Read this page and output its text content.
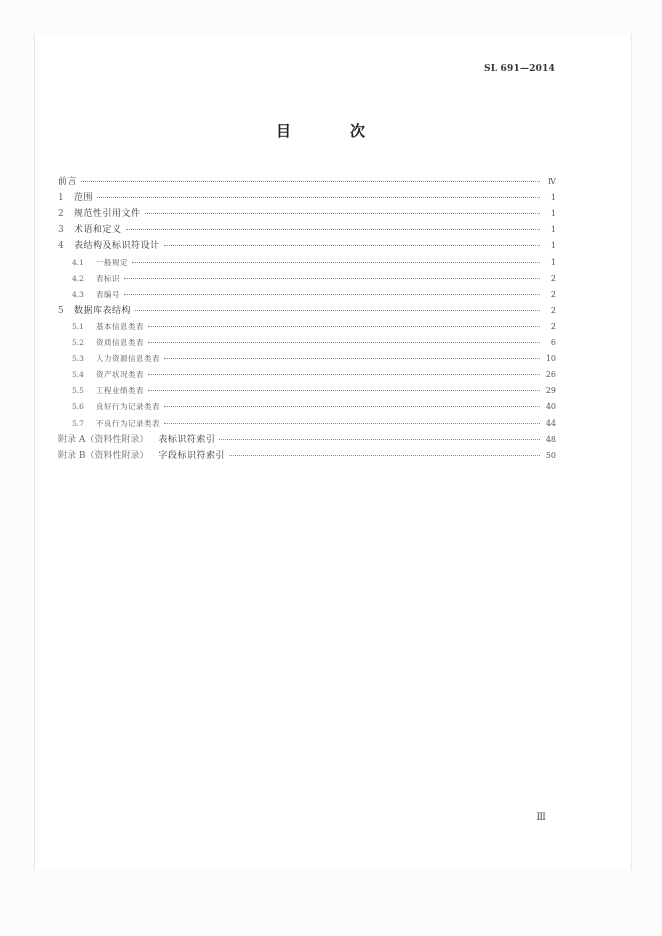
SL 691—2014
目　次
前言	Ⅳ
1	范围	1
2	规范性引用文件	1
3	术语和定义	1
4	表结构及标识符设计	1
4.1	一般规定	1
4.2	表标识	2
4.3	表编号	2
5	数据库表结构	2
5.1	基本信息类表	2
5.2	资质信息类表	6
5.3	人力资源信息类表	10
5.4	资产状况类表	26
5.5	工程业绩类表	29
5.6	良好行为记录类表	40
5.7	不良行为记录类表	44
附录 A（资料性附录） 表标识符索引	48
附录 B（资料性附录） 字段标识符索引	50
Ⅲ
